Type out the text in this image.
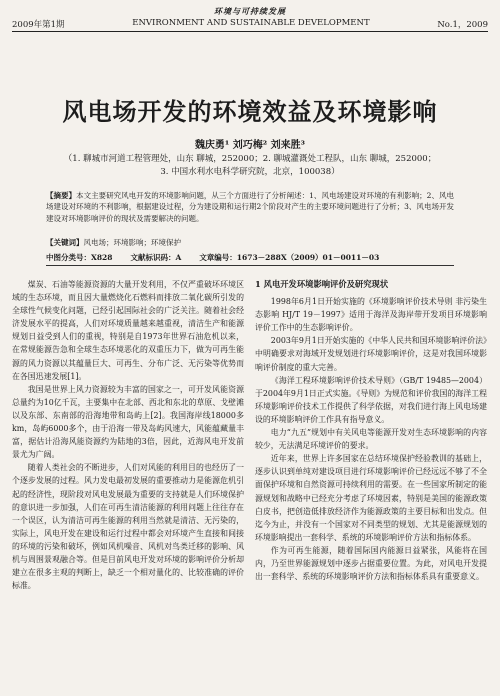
环境与可持续发展
2009年第1期	ENVIRONMENT AND SUSTAINABLE DEVELOPMENT	No.1，2009
风电场开发的环境效益及环境影响
魏庆勇¹ 刘巧梅² 刘来胜³
（1. 聊城市河道工程管理处，山东 聊城，252000；2. 聊城灌溉处工程队，山东 聊城，252000；
3. 中国水利水电科学研究院，北京，100038）
【摘要】本文主要研究风电开发的环境影响问题，从三个方面进行了分析阐述：1、风电场建设对环境的有利影响；2、风电场建设对环境的不利影响，根据建设过程，分为建设期和运行期2个阶段对产生的主要环境问题进行了分析；3、风电场开发建设对环境影响评价的现状及需要解决的问题。
【关键词】风电场；环境影响；环境保护
中图分类号：X828 文献标识码：A 文章编号：1673－288X（2009）01－0011－03

煤炭、石油等能源资源的大量开发利用，不仅严重破坏环境区域的生态环境，而且因大量燃烧化石燃料而排放二氧化碳所引发的全球性气候变化问题，已经引起国际社会的广泛关注。随着社会经济发展水平的提高，人们对环境质量越来越重视，清洁生产和能源规划日益受到人们的重视，特别是自1973年世界石油危机以来，在常规能源告急和全球生态环境恶化的双重压力下，做为可再生能源的风力资源以其蕴量巨大、可再生、分布广泛、无污染等优势而在各国迅速发展[1]。

我国是世界上风力资源较为丰富的国家之一，可开发风能资源总量约为10亿千瓦，主要集中在北部、西北和东北的草原、戈壁滩以及东部、东南部的沿海地带和岛屿上[2]。我国海岸线18000多km，岛屿6000多个，由于沿海一带及岛屿风速大，风能蕴藏量丰富，据估计沿海风能资源约为陆地的3倍，因此，近海风电开发前景尤为广阔。

随着人类社会的不断进步，人们对风能的利用目的也经历了一个逐步发展的过程。风力发电最初发展的重要推动力是能源危机引起的经济性，现阶段对风电发展最为重要的支持就是人们环境保护的意识进一步加强，人们在可再生清洁能源的利用问题上往往存在一个误区，认为清洁可再生能源的利用当然就是清洁、无污染的，实际上，风电开发在建设和运行过程中都会对环境产生直接和间接的环境的污染和破坏，例如风机噪音、风机对鸟类迁移的影响、风机与周围景观融合等。但是目前风电开发对环境的影响评价分析却建立在很多主观的判断上，缺乏一个相对量化的、比较准确的评价标准。

1 风电开发环境影响评价及研究现状

1998年6月1日开始实施的《环境影响评价技术导则 非污染生态影响 HJ/T 19－1997》适用于海洋及海岸带开发项目环境影响评价工作中的生态影响评价。

2003年9月1日开始实施的《中华人民共和国环境影响评价法》中明确要求对海域开发规划进行环境影响评价，这是对我国环境影响评价制度的重大完善。

《海洋工程环境影响评价技术导则》（GB/T 19485—2004）于2004年9月1日正式实施。《导则》为规范和评价我国的海洋工程环境影响评价技术工作提供了科学依据，对我们进行海上风电场建设的环境影响评价工作具有指导意义。

电力“九五”规划中有关风电等能源开发对生态环境影响的内容较少，无法满足环境评价的要求。

近年来，世界上许多国家在总结环境保护经验教训的基础上，逐步认识到单纯对建设项目进行环境影响评价已经远远不够了不全面保护环境和自然资源可持续利用的需要。在一些国家所制定的能源规划和战略中已经充分考虑了环境因素，特别是美国的能源政策白皮书，把创造低排放经济作为能源政策的主要目标和出发点。但迄今为止，并没有一个国家对不同类型的规划、尤其是能源规划的环境影响提出一套科学、系统的环境影响评价方法和指标体系。

作为可再生能源，随着国际国内能源日益紧张，风能将在国内，乃至世界能源规划中逐步占据重要位置。为此，对风电开发提出一套科学、系统的环境影响评价方法和指标体系具有重要意义。
